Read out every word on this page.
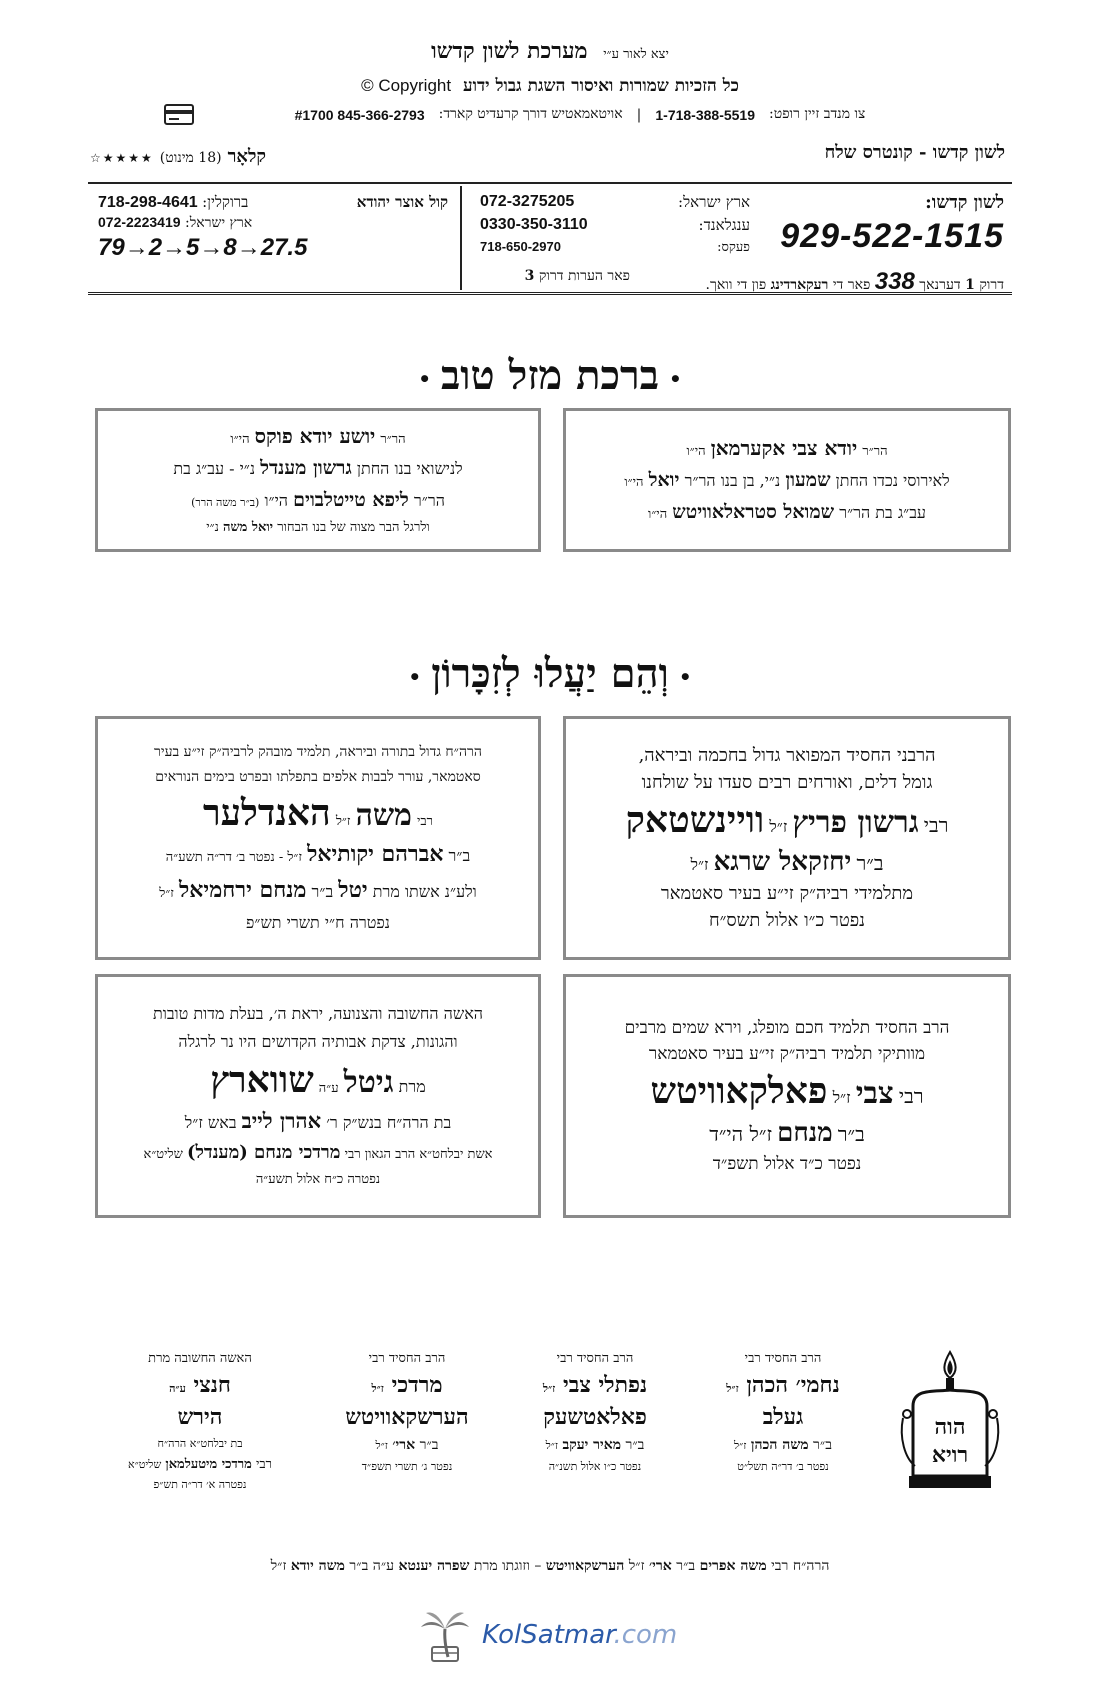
יצא לאור ע״י מערכת לשון קדשו
כל הזכיות שמורות ואיסור השגת גבול ידוע Copyright ©
צו מנדב זיין רופט:
1-718-388-5519
|
אויטאמאטיש דורך קרעדיט קארד:
845-366-2793 #1700
לשון קדשו - קונטרס שלח
קלאָר
(18 מינוט)
★★★★☆
לשון קדשו:
929-522-1515
דרוק 1 דערנאך 338 פאר די רעקארדינג פון די וואך.
ארץ ישראל:
072-3275205
ענגלאנד:
0330-350-3110
פעקס:
718-650-2970
פאר הערות דרוק 3
קול אוצר יהודא
ברוקלין: 718-298-4641
ארץ ישראל: 072-2223419
79→2→5→8→27.5
•ברכת מזל טוב•
הר״ר יודא צבי אקערמאן הי״ו
לאירוסי נכדו החתן שמעון נ״י, בן בנו הר״ר יואל הי״ו
עב״ג בת הר״ר שמואל סטראלאוויטש הי״ו
הר״ר יושע יודא פוקס הי״ו
לנישואי בנו החתן גרשון מענדל נ״י - עב״ג בת
הר״ר ליפא טייטלבוים הי״ו (ב״ר משה הרר)
ולרגל הבר מצוה של בנו הבחור יואל משה נ״י
•וְהֵם יַעֲלוּ לְזִכָּרוֹן•
הרבני החסיד המפואר גדול בחכמה וביראה,
גומל דלים, ואורחים רבים סעדו על שולחנו
רבי גרשון פריץ ז״ל וויינשטאק
ב״ר יחזקאל שרגא ז״ל
מתלמידי רביה״ק זי״ע בעיר סאטמאר
נפטר כ״ו אלול תשס״ח
הרה״ח גדול בתורה וביראה, תלמיד מובהק לרביה״ק זי״ע בעיר
סאטמאר, עורר לבבות אלפים בתפלתו ובפרט בימים הנוראים
רבי משה ז״ל האנדלער
ב״ר אברהם יקותיאל ז״ל - נפטר ב׳ דר״ה תשע״ה
ולע״נ אשתו מרת יטל ב״ר מנחם ירחמיאל ז״ל
נפטרה ח״י תשרי תש״פ
הרב החסיד תלמיד חכם מופלג, וירא שמים מרבים
מוותיקי תלמיד רביה״ק זי״ע בעיר סאטמאר
רבי צבי ז״ל פאלקאוויטש
ב״ר מנחם ז״ל הי״ד
נפטר כ״ד אלול תשפ״ד
האשה החשובה והצנועה, יראת ה׳, בעלת מדות טובות
והגונות, צדקת אבותיה הקדושים היו נר לרגלה
מרת גיטל ע״ה שווארץ
בת הרה״ח בנש״ק ר׳ אהרן לייב באש ז״ל
אשת יבלחט״א הרב הגאון רבי מרדכי מנחם (מענדל) שליט״א
נפטרה כ״ח אלול תשע״ה
הרב החסיד רבי
נחמי׳ הכהן ז״ל
געלב
ב״ר משה הכהן ז״ל
נפטר ב׳ דר״ה תשל״ט
הרב החסיד רבי
נפתלי צבי ז״ל
פאלאטשעק
ב״ר מאיר יעקב ז״ל
נפטר כ״ו אלול תשנ״ה
הרב החסיד רבי
מרדכי ז״ל
הערשקאוויטש
ב״ר ארי׳ ז״ל
נפטר ג׳ תשרי תשפ״ד
האשה החשובה מרת
חנצי ע״ה
הירש
בת יבלחט״א הרה״ח
רבי מרדכי מיטעלמאן שליט״א
נפטרה א׳ דר״ה תש״פ
הוה
רויא
הרה״ח רבי משה אפרים ב״ר ארי׳ ז״ל הערשקאוויטש – וזוגתו מרת שפרה יענטא ע״ה ב״ר משה יודא ז״ל
KolSatmar.com
